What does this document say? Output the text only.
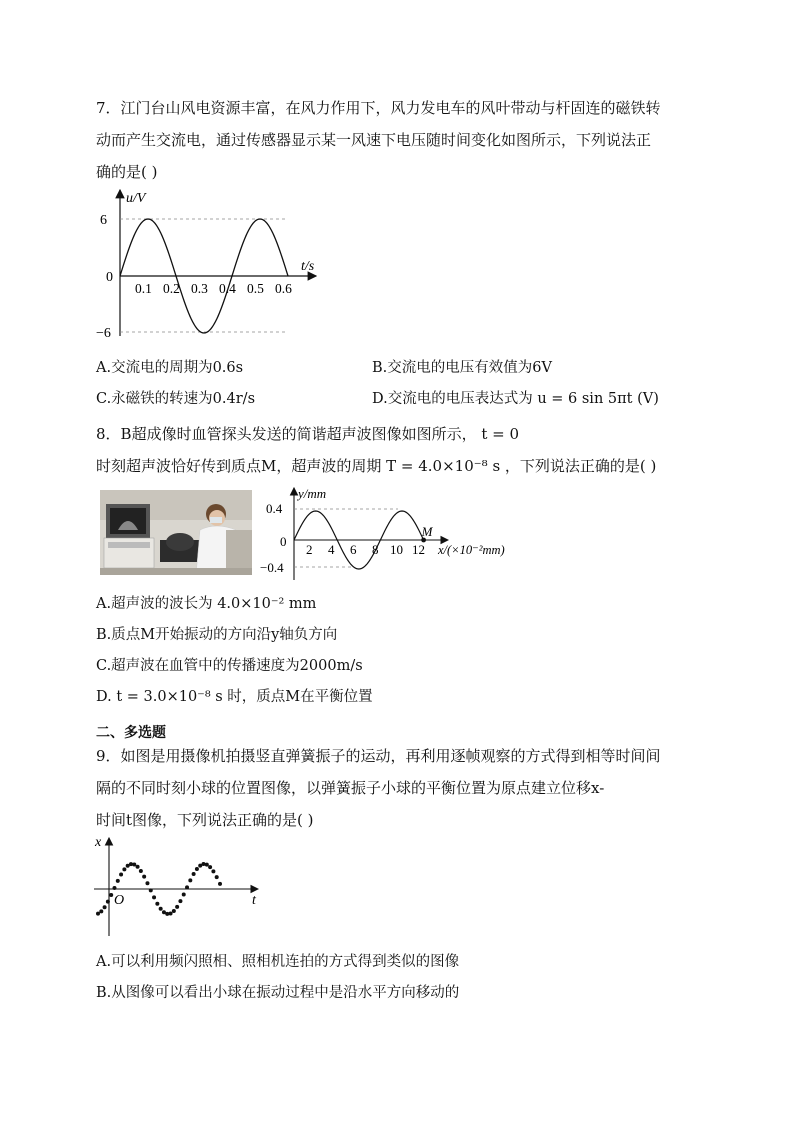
7．江门台山风电资源丰富，在风力作用下，风力发电车的风叶带动与杆固连的磁铁转
动而产生交流电，通过传感器显示某一风速下电压随时间变化如图所示，下列说法正
确的是( )
u/V
t/s
6
0
−6
0.1 0.2 0.3 0.4 0.5 0.6
A.交流电的周期为0.6s	B.交流电的电压有效值为6V
C.永磁铁的转速为0.4r/s	D.交流电的电压表达式为 u = 6 sin 5πt (V)
8．B超成像时血管探头发送的简谐超声波图像如图所示， t = 0
时刻超声波恰好传到质点M，超声波的周期 T = 4.0×10⁻⁸ s ，下列说法正确的是( )
M
y/mm
x/(×10⁻²mm)
0.4
0
−0.4
2 4 6 8 10 12
A.超声波的波长为 4.0×10⁻² mm
B.质点M开始振动的方向沿y轴负方向
C.超声波在血管中的传播速度为2000m/s
D. t = 3.0×10⁻⁸ s 时，质点M在平衡位置
二、多选题
9．如图是用摄像机拍摄竖直弹簧振子的运动，再利用逐帧观察的方式得到相等时间间
隔的不同时刻小球的位置图像，以弹簧振子小球的平衡位置为原点建立位移x-
时间t图像，下列说法正确的是( )
x
t
O
A.可以利用频闪照相、照相机连拍的方式得到类似的图像
B.从图像可以看出小球在振动过程中是沿水平方向移动的
